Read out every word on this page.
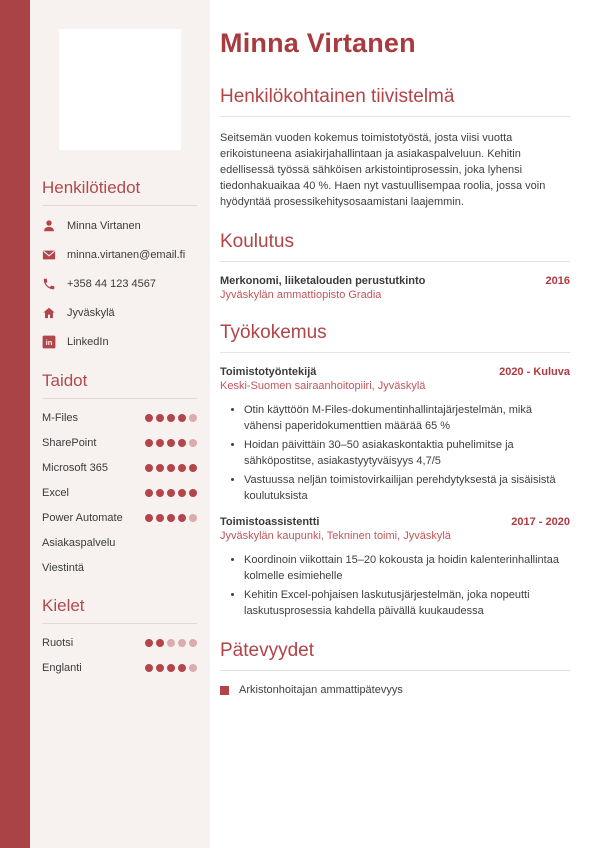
Henkilötiedot
Minna Virtanen
minna.virtanen@email.fi
+358 44 123 4567
Jyväskylä
in LinkedIn
Taidot
M-Files
SharePoint
Microsoft 365
Excel
Power Automate
Asiakaspalvelu
Viestintä
Kielet
Ruotsi
Englanti
Minna Virtanen
Henkilökohtainen tiivistelmä

Seitsemän vuoden kokemus toimistotyöstä, josta viisi vuotta erikoistuneena asiakirjahallintaan ja asiakaspalveluun. Kehitin edellisessä työssä sähköisen arkistointiprosessin, joka lyhensi tiedonhakuaikaa 40 %. Haen nyt vastuullisempaa roolia, jossa voin hyödyntää prosessikehitysosaamistani laajemmin.

Koulutus
Merkonomi, liiketalouden perustutkinto	2016
Jyväskylän ammattiopisto Gradia
Työkokemus
Toimistotyöntekijä	2020 - Kuluva
Keski-Suomen sairaanhoitopiiri, Jyväskylä
• Otin käyttöön M-Files-dokumentinhallintajärjestelmän, mikä vähensi paperidokumenttien määrää 65 %
• Hoidan päivittäin 30–50 asiakaskontaktia puhelimitse ja sähköpostitse, asiakastyytyväisyys 4,7/5
• Vastuussa neljän toimistovirkailijan perehdytyksestä ja sisäisistä koulutuksista
Toimistoassistentti	2017 - 2020
Jyväskylän kaupunki, Tekninen toimi, Jyväskylä
• Koordinoin viikottain 15–20 kokousta ja hoidin kalenterinhallintaa kolmelle esimiehelle
• Kehitin Excel-pohjaisen laskutusjärjestelmän, joka nopeutti laskutusprosessia kahdella päivällä kuukaudessa
Pätevyydet
Arkistonhoitajan ammattipätevyys
